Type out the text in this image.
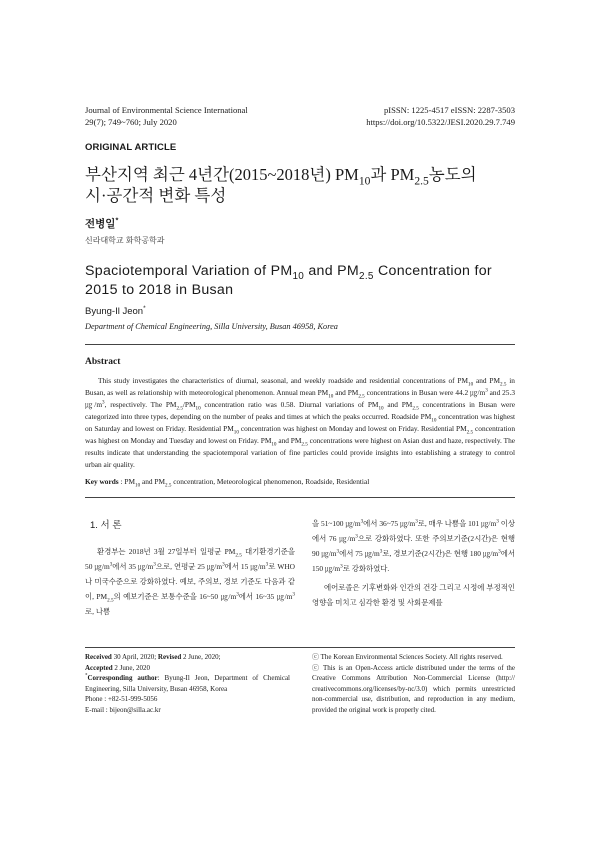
Journal of Environmental Science International
29(7); 749~760; July 2020
pISSN: 1225-4517 eISSN: 2287-3503
https://doi.org/10.5322/JESI.2020.29.7.749
ORIGINAL ARTICLE
부산지역 최근 4년간(2015~2018년) $PM_{10}$과 $PM_{2.5}$농도의
시·공간적 변화 특성
전병일*
신라대학교 화학공학과
Spaciotemporal Variation of $PM_{10}$ and $PM_{2.5}$ Concentration for
2015 to 2018 in Busan
Byung-Il Jeon*
Department of Chemical Engineering, Silla University, Busan 46958, Korea
Abstract
This study investigates the characteristics of diurnal, seasonal, and weekly roadside and residential concentrations of $PM_{10}$ and $PM_{2.5}$ in Busan, as well as relationship with meteorological phenomenon. Annual mean $PM_{10}$ and $PM_{2.5}$ concentrations in Busan were 44.2 $㎍/m^3$ and 25.3 $㎍/m^3$, respectively. The $PM_{2.5}/PM_{10}$ concentration ratio was 0.58. Diurnal variations of $PM_{10}$ and $PM_{2.5}$ concentrations in Busan were categorized into three types, depending on the number of peaks and times at which the peaks occurred. Roadside $PM_{10}$ concentration was highest on Saturday and lowest on Friday. Residential $PM_{10}$ concentration was highest on Monday and lowest on Friday. Residential $PM_{2.5}$ concentration was highest on Monday and Tuesday and lowest on Friday. $PM_{10}$ and $PM_{2.5}$ concentrations were highest on Asian dust and haze, respectively. The results indicate that understanding the spaciotemporal variation of fine particles could provide insights into establishing a strategy to control urban air quality.
Key words : $PM_{10}$ and $PM_{2.5}$ concentration, Meteorological phenomenon, Roadside, Residential
1. 서 론
환경부는 2018년 3월 27일부터 일평균 $PM_{2.5}$ 대기환경기준을 50 $㎍/m^3$에서 35 $㎍/m^3$으로, 연평균 25 $㎍/m^3$에서 15 $㎍/m^3$로 WHO나 미국수준으로 강화하였다. 예보, 주의보, 경보 기준도 다음과 같이, $PM_{2.5}$의 예보기준은 보통수준을 16~50 $㎍/m^3$에서 16~35 $㎍/m^3$로, 나쁨
을 51~100 $㎍/m^3$에서 36~75 $㎍/m^3$로, 매우 나쁨을 101 $㎍/m^3$ 이상에서 76 $㎍/m^3$으로 강화하였다. 또한 주의보기준(2시간)은 현행 90 $㎍/m^3$에서 75 $㎍/m^3$로, 경보기준(2시간)은 현행 180 $㎍/m^3$에서 150 $㎍/m^3$로 강화하였다.
에어로졸은 기후변화와 인간의 건강 그리고 시정에 부정적인 영향을 미치고 심각한 환경 및 사회문제를
Received 30 April, 2020; Revised 2 June, 2020;
Accepted 2 June, 2020
*Corresponding author: Byung-Il Jeon, Department of Chemical Engineering, Silla University, Busan 46958, Korea
Phone : +82-51-999-5056
E-mail : bijeon@silla.ac.kr
ⓒ The Korean Environmental Sciences Society. All rights reserved.
ⓒ This is an Open-Access article distributed under the terms of the Creative Commons Attribution Non-Commercial License (http:// creativecommons.org/licenses/by-nc/3.0) which permits unrestricted non-commercial use, distribution, and reproduction in any medium, provided the original work is properly cited.
